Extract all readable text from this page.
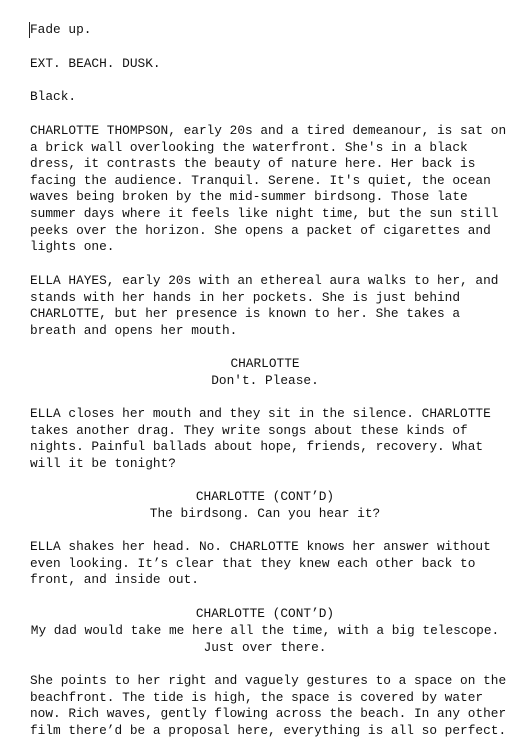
Fade up.

EXT. BEACH. DUSK.

Black.

CHARLOTTE THOMPSON, early 20s and a tired demeanour, is sat on
a brick wall overlooking the waterfront. She's in a black
dress, it contrasts the beauty of nature here. Her back is
facing the audience. Tranquil. Serene. It's quiet, the ocean
waves being broken by the mid-summer birdsong. Those late
summer days where it feels like night time, but the sun still
peeks over the horizon. She opens a packet of cigarettes and
lights one.

ELLA HAYES, early 20s with an ethereal aura walks to her, and
stands with her hands in her pockets. She is just behind
CHARLOTTE, but her presence is known to her. She takes a
breath and opens her mouth.

CHARLOTTE

Don't. Please.

ELLA closes her mouth and they sit in the silence. CHARLOTTE
takes another drag. They write songs about these kinds of
nights. Painful ballads about hope, friends, recovery. What
will it be tonight?

CHARLOTTE (CONT’D)

The birdsong. Can you hear it?

ELLA shakes her head. No. CHARLOTTE knows her answer without
even looking. It’s clear that they knew each other back to
front, and inside out.

CHARLOTTE (CONT’D)

My dad would take me here all the time, with a big telescope.
Just over there.

She points to her right and vaguely gestures to a space on the
beachfront. The tide is high, the space is covered by water
now. Rich waves, gently flowing across the beach. In any other
film there’d be a proposal here, everything is all so perfect.
